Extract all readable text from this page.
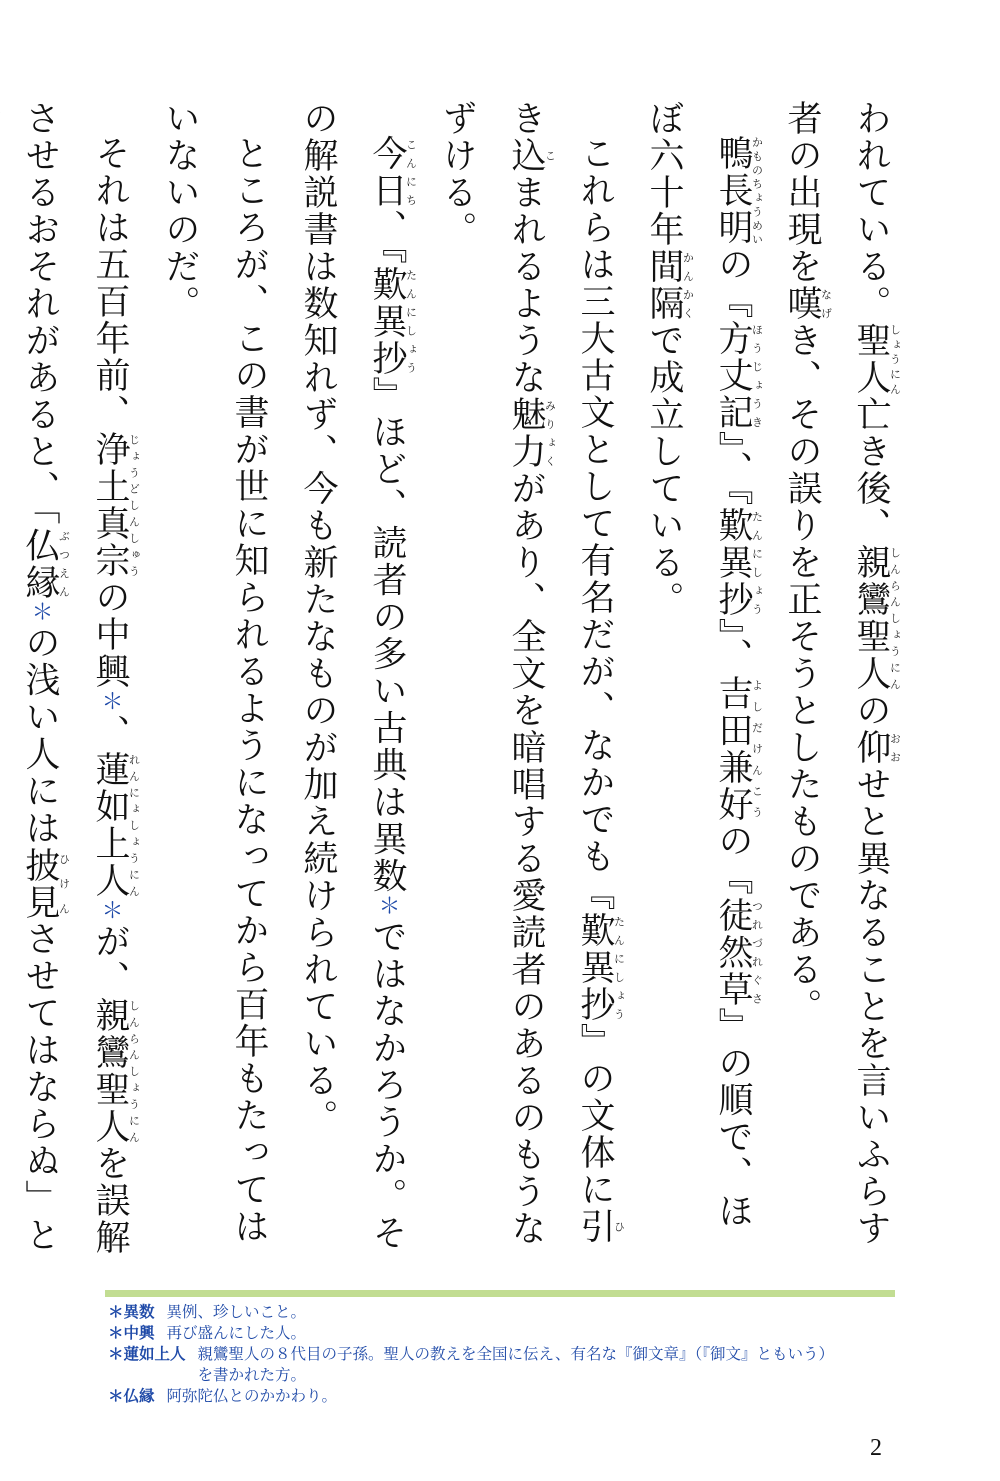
われている。聖人しょうにん亡き後、親鸞聖人しんらんしょうにんの仰おおせと異なることを言いふらす者の出現を嘆なげき、その誤りを正そうとしたものである。

鴨長明かものちょうめいの『方丈記ほうじょうき』、『歎異抄たんにしょう』、吉田兼好よしだけんこうの『徒然草つれづれぐさ』の順で、ほぼ六十年間隔かんかくで成立している。

これらは三大古文として有名だが、なかでも『歎異抄たんにしょう』の文体に引ひき込こまれるような魅力みりょくがあり、全文を暗唱する愛読者のあるのもうなずける。

今日こんにち、『歎異抄たんにしょう』ほど、読者の多い古典は異数＊ではなかろうか。その解説書は数知れず、今も新たなものが加え続けられている。

ところが、この書が世に知られるようになってから百年もたってはいないのだ。

それは五百年前、浄土真宗じょうどしんしゅうの中興＊、蓮如上人れんにょしょうにん＊が、親鸞聖人しんらんしょうにんを誤解させるおそれがあると、「仏縁ぶつえん＊の浅い人には披見ひけんさせてはならぬ」と

＊異数 異例、珍しいこと。
＊中興 再び盛んにした人。
＊蓮如上人 親鸞聖人の８代目の子孫。聖人の教えを全国に伝え、有名な『御文章』（『御文』ともいう）を書かれた方。
＊仏縁 阿弥陀仏とのかかわり。
2
